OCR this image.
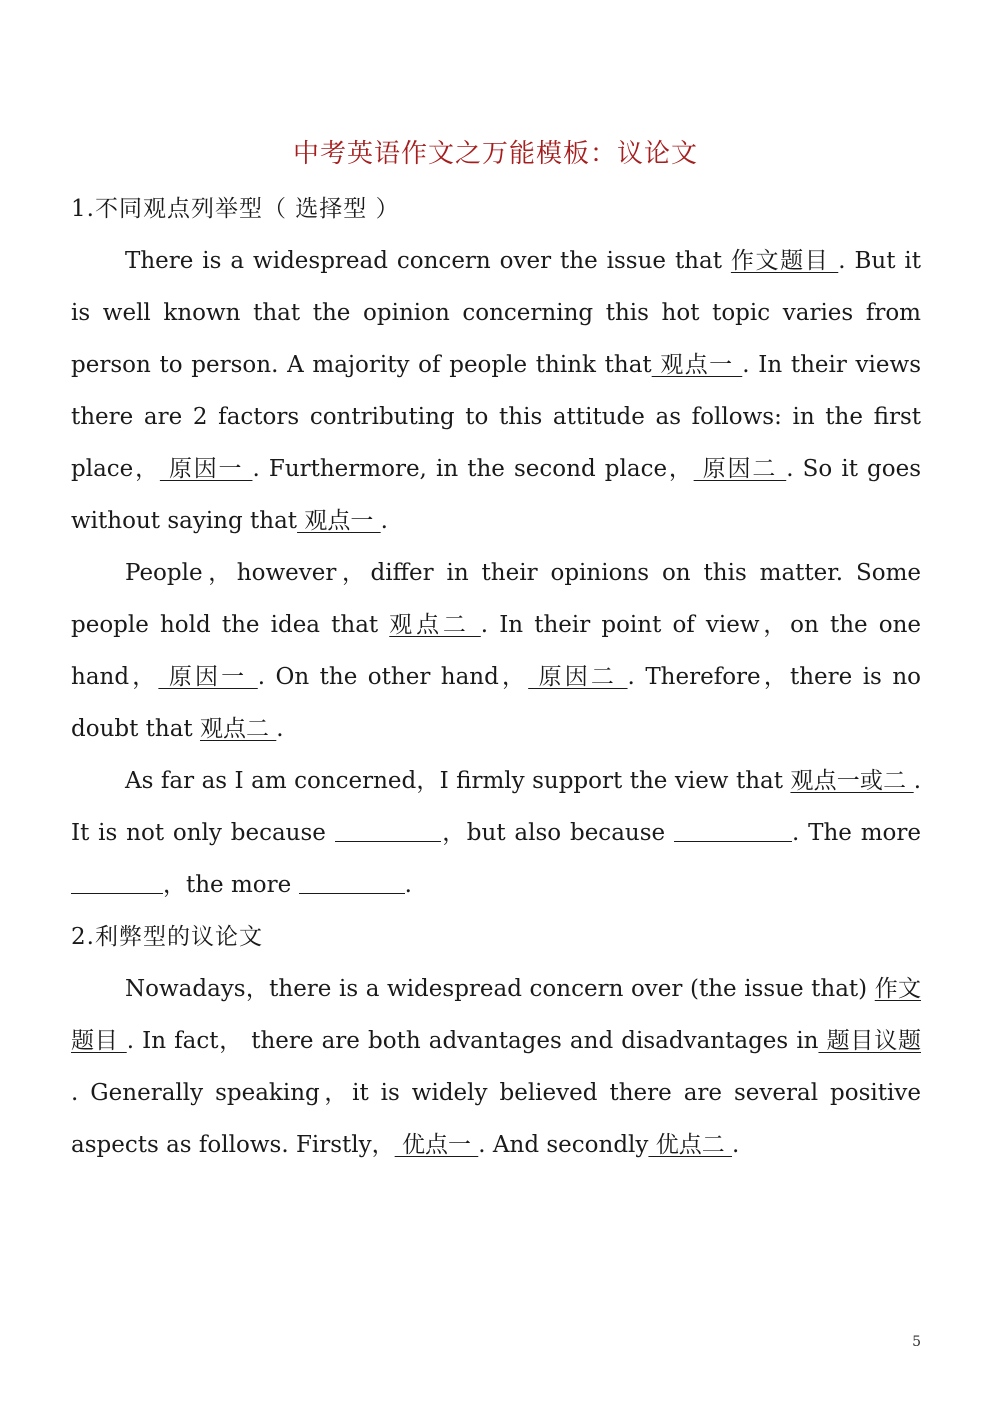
中考英语作文之万能模板：议论文

1.不同观点列举型（ 选择型 ）

There is a widespread concern over the issue that 作文题目 . But it is well known that the opinion concerning this hot topic varies from person to person. A majority of people think that 观点一 . In their views there are 2 factors contributing to this attitude as follows: in the first place， 原因一 . Furthermore, in the second place， 原因二 . So it goes without saying that 观点一 .

People，however，differ in their opinions on this matter. Some people hold the idea that 观点二 . In their point of view，on the one hand， 原因一 . On the other hand， 原因二 . Therefore，there is no doubt that 观点二 .

As far as I am concerned，I firmly support the view that 观点一或二 . It is not only because	，but also because	. The more ，the more	.

2.利弊型的议论文

Nowadays，there is a widespread concern over (the issue that) 作文题目 . In fact， there are both advantages and disadvantages in 题目议题 . Generally speaking，it is widely believed there are several positive aspects as follows. Firstly， 优点一 . And secondly 优点二 .

5
